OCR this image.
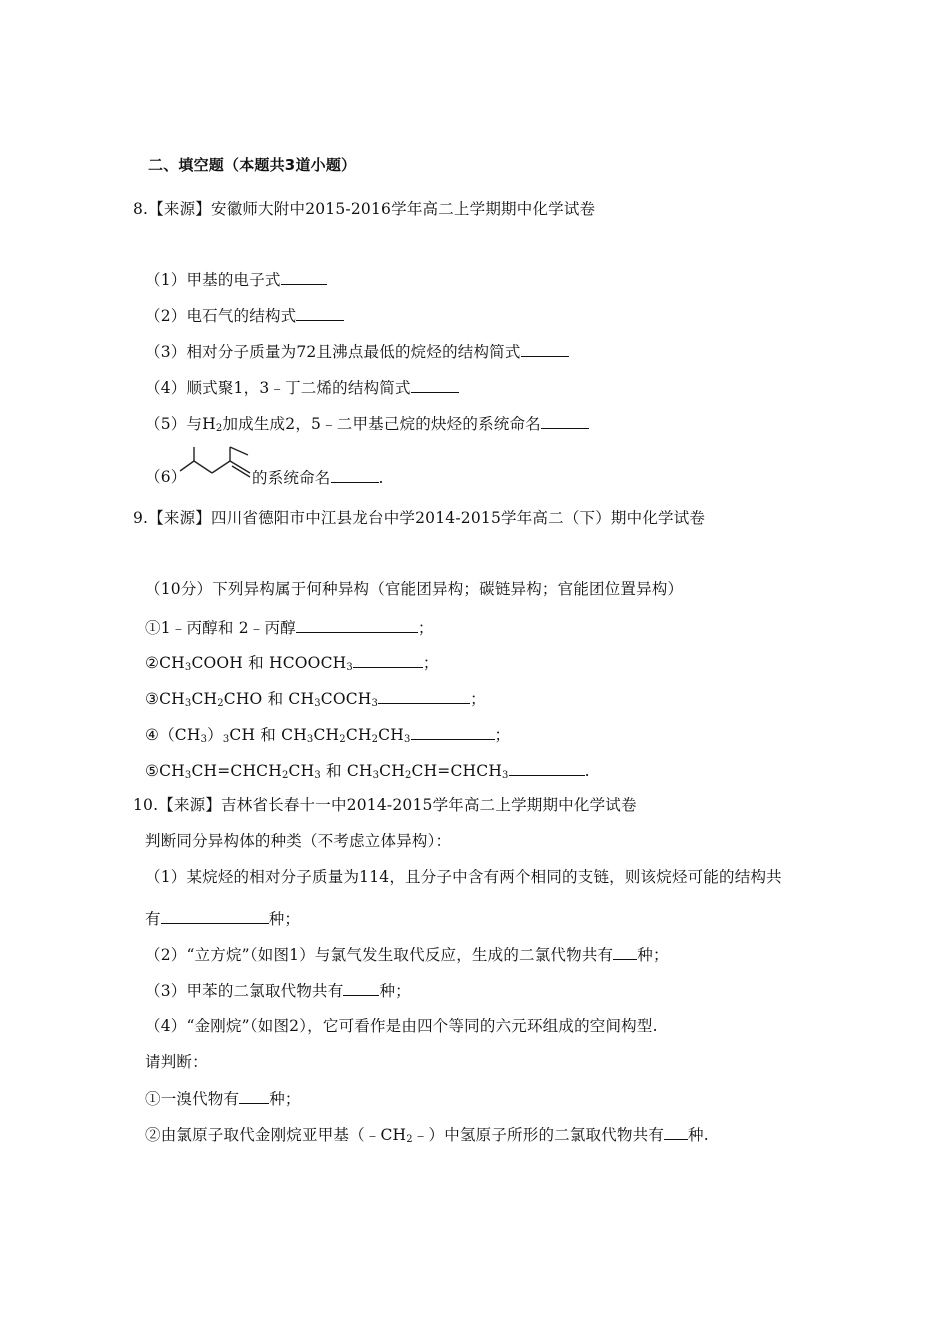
二、填空题（本题共3道小题）
8.【来源】安徽师大附中2015-2016学年高二上学期期中化学试卷
（1）甲基的电子式
（2）电石气的结构式
（3）相对分子质量为72且沸点最低的烷烃的结构简式
（4）顺式聚1，3﹣丁二烯的结构简式
（5）与$H_2$加成生成2，5﹣二甲基己烷的炔烃的系统命名
（6）	的系统命名	.
9.【来源】四川省德阳市中江县龙台中学2014-2015学年高二（下）期中化学试卷
（10分）下列异构属于何种异构（官能团异构；碳链异构；官能团位置异构）
①1﹣丙醇和 2﹣丙醇	；
$②CH_3COOH$ 和 $HCOOCH_3$	；
$③CH_3CH_2CHO$ 和 $CH_3COCH_3$	；
$④(CH_3)_3CH$ 和 $CH_3CH_2CH_2CH_3$	；
$⑤CH_3CH=CHCH_2CH_3$ 和 $CH_3CH_2CH=CHCH_3$	.
10.【来源】吉林省长春十一中2014-2015学年高二上学期期中化学试卷
判断同分异构体的种类（不考虑立体异构）：
（1）某烷烃的相对分子质量为114，且分子中含有两个相同的支链，则该烷烃可能的结构共
有	种；
（2）“立方烷”（如图1）与氯气发生取代反应，生成的二氯代物共有 种；
（3）甲苯的二氯取代物共有 种；
（4）“金刚烷”（如图2），它可看作是由四个等同的六元环组成的空间构型.
请判断：
①一溴代物有 种；
②由氯原子取代金刚烷亚甲基$(﹣CH_2﹣)$中氢原子所形的二氯取代物共有 种.
